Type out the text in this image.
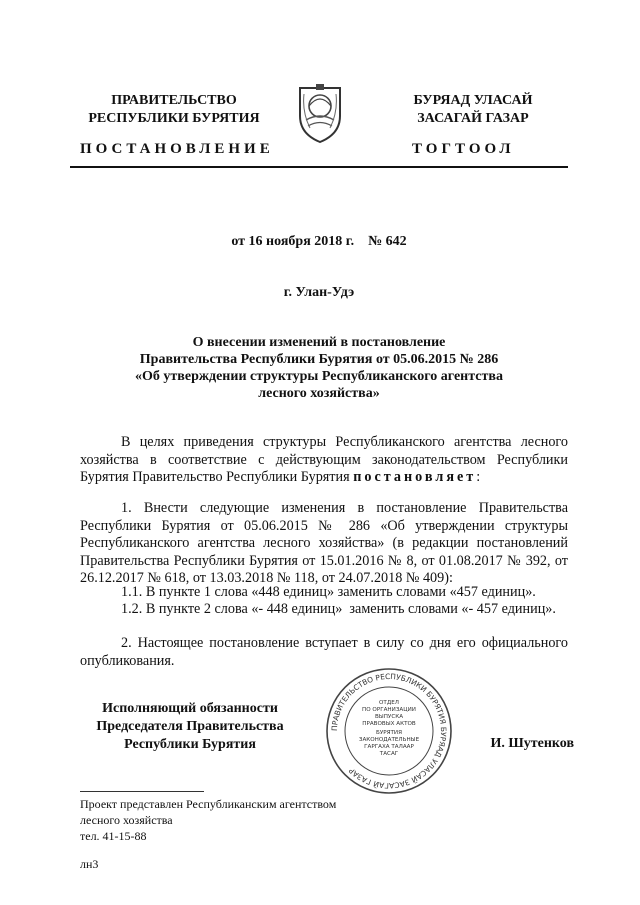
ПРАВИТЕЛЬСТВО
РЕСПУБЛИКИ БУРЯТИЯ
БУРЯАД УЛАСАЙ
ЗАСАГАЙ ГАЗАР
ПОСТАНОВЛЕНИЕ	ТОГТООЛ
от 16 ноября 2018 г.    № 642
г. Улан-Удэ
О внесении изменений в постановление
Правительства Республики Бурятия от 05.06.2015 № 286
«Об утверждении структуры Республиканского агентства
лесного хозяйства»
В целях приведения структуры Республиканского агентства лесного хозяйства в соответствие с действующим законодательством Республики Бурятия Правительство Республики Бурятия постановляет:
1. Внести следующие изменения в постановление Правительства Республики Бурятия от 05.06.2015 № 286 «Об утверждении структуры Республиканского агентства лесного хозяйства» (в редакции постановлений Правительства Республики Бурятия от 15.01.2016 № 8, от 01.08.2017 № 392, от 26.12.2017 № 618, от 13.03.2018 № 118, от 24.07.2018 № 409):
1.1. В пункте 1 слова «448 единиц» заменить словами «457 единиц».
1.2. В пункте 2 слова «- 448 единиц»  заменить словами «- 457 единиц».
2. Настоящее постановление вступает в силу со дня его официального опубликования.
Исполняющий обязанности
Председателя Правительства
Республики Бурятия	И. Шутенков
ПРАВИТЕЛЬСТВО РЕСПУБЛИКИ БУРЯТИЯ БУРЯАД УЛАСАЙ ЗАСАГАЙ ГАЗАР
ОТДЕЛ
ПО ОРГАНИЗАЦИИ
ВЫПУСКА
ПРАВОВЫХ АКТОВ
БУРЯТИЯ
ЗАКОНОДАТЕЛЬНЫЕ
ГАРГАХА ТАЛААР
ТАСАГ
Проект представлен Республиканским агентством
лесного хозяйства
тел. 41-15-88
лн3
